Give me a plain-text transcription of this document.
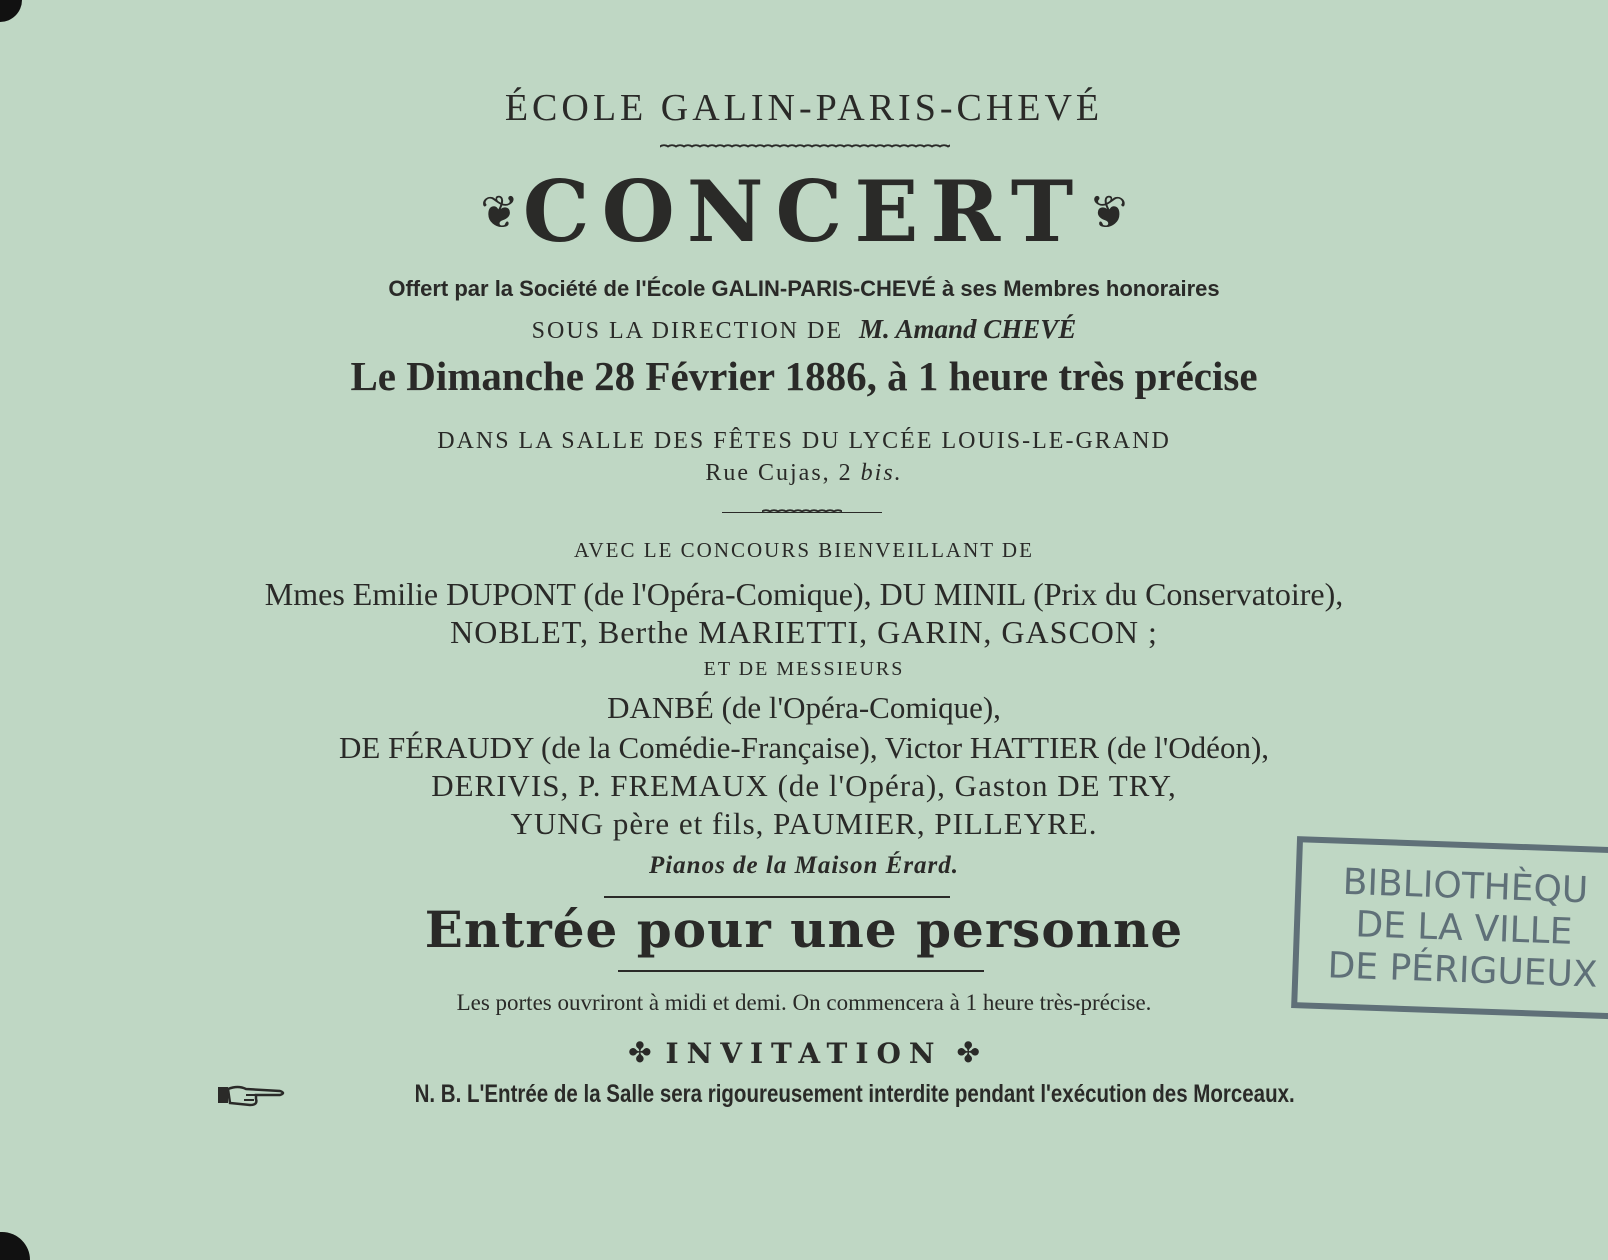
ÉCOLE GALIN-PARIS-CHEVÉ
❦ CONCERT ❦
Offert par la Société de l'École GALIN-PARIS-CHEVÉ à ses Membres honoraires
SOUS LA DIRECTION DE M. Amand CHEVÉ
Le Dimanche 28 Février 1886, à 1 heure très précise
DANS LA SALLE DES FÊTES DU LYCÉE LOUIS-LE-GRAND
Rue Cujas, 2 bis.
AVEC LE CONCOURS BIENVEILLANT DE
Mmes Emilie DUPONT (de l'Opéra-Comique), DU MINIL (Prix du Conservatoire),
NOBLET, Berthe MARIETTI, GARIN, GASCON ;
ET DE MESSIEURS
DANBÉ (de l'Opéra-Comique),
DE FÉRAUDY (de la Comédie-Française), Victor HATTIER (de l'Odéon),
DERIVIS, P. FREMAUX (de l'Opéra), Gaston DE TRY,
YUNG père et fils, PAUMIER, PILLEYRE.
Pianos de la Maison Érard.
Entrée pour une personne
Les portes ouvriront à midi et demi. On commencera à 1 heure très-précise.
✤ INVITATION ✤
N. B. L'Entrée de la Salle sera rigoureusement interdite pendant l'exécution des Morceaux.
BIBLIOTHÈQU
DE LA VILLE
DE PÉRIGUEUX
